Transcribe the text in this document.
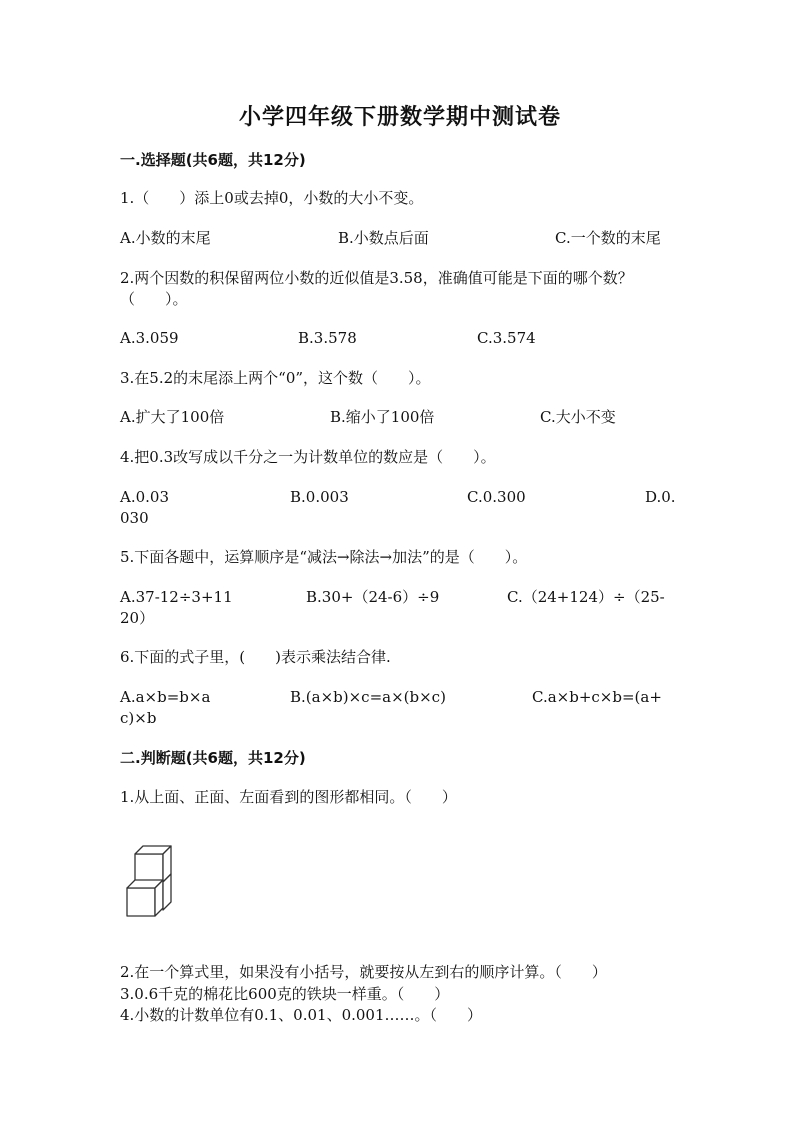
小学四年级下册数学期中测试卷
一.选择题(共6题，共12分)
1.（　　）添上0或去掉0，小数的大小不变。
A.小数的末尾	B.小数点后面	C.一个数的末尾
2.两个因数的积保留两位小数的近似值是3.58，准确值可能是下面的哪个数？
（　　）。
A.3.059	B.3.578	C.3.574
3.在5.2的末尾添上两个“0”，这个数（　　）。
A.扩大了100倍	B.缩小了100倍	C.大小不变
4.把0.3改写成以千分之一为计数单位的数应是（　　）。
A.0.03	B.0.003	C.0.300	D.0.
030
5.下面各题中，运算顺序是“减法→除法→加法”的是（　　）。
A.37-12÷3+11	B.30+（24-6）÷9	C.（24+124）÷（25-
20）
6.下面的式子里，(　　)表示乘法结合律.
A.a×b=b×a	B.(a×b)×c=a×(b×c)	C.a×b+c×b=(a+
c)×b
二.判断题(共6题，共12分)
1.从上面、正面、左面看到的图形都相同。（　　）
2.在一个算式里，如果没有小括号，就要按从左到右的顺序计算。（　　）
3.0.6千克的棉花比600克的铁块一样重。（　　）
4.小数的计数单位有0.1、0.01、0.001……。（　　）
